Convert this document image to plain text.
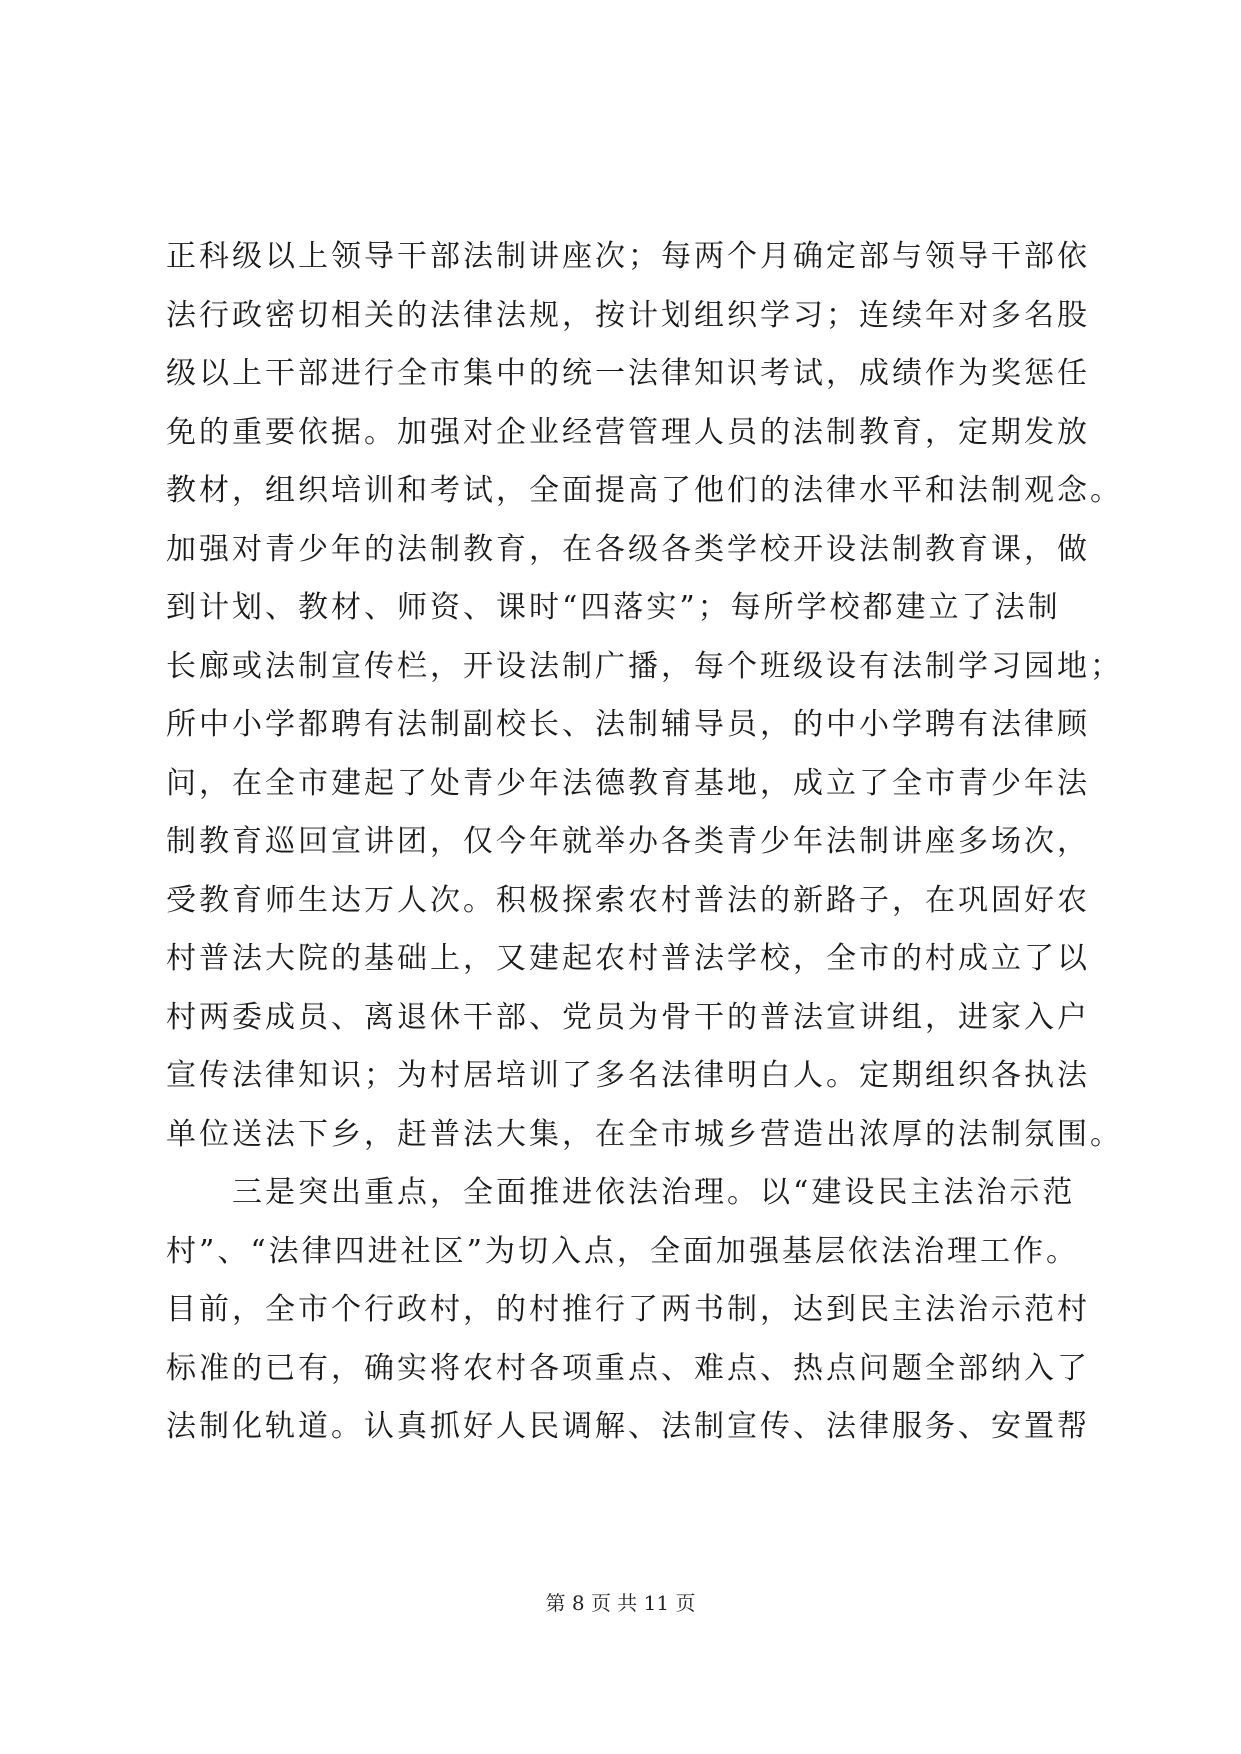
正科级以上领导干部法制讲座次；每两个月确定部与领导干部依
法行政密切相关的法律法规，按计划组织学习；连续年对多名股
级以上干部进行全市集中的统一法律知识考试，成绩作为奖惩任
免的重要依据。加强对企业经营管理人员的法制教育，定期发放
教材，组织培训和考试，全面提高了他们的法律水平和法制观念。
加强对青少年的法制教育，在各级各类学校开设法制教育课，做
到计划、教材、师资、课时“四落实”；每所学校都建立了法制
长廊或法制宣传栏，开设法制广播，每个班级设有法制学习园地；
所中小学都聘有法制副校长、法制辅导员，的中小学聘有法律顾
问，在全市建起了处青少年法德教育基地，成立了全市青少年法
制教育巡回宣讲团，仅今年就举办各类青少年法制讲座多场次，
受教育师生达万人次。积极探索农村普法的新路子，在巩固好农
村普法大院的基础上，又建起农村普法学校，全市的村成立了以
村两委成员、离退休干部、党员为骨干的普法宣讲组，进家入户
宣传法律知识；为村居培训了多名法律明白人。定期组织各执法
单位送法下乡，赶普法大集，在全市城乡营造出浓厚的法制氛围。
　　三是突出重点，全面推进依法治理。以“建设民主法治示范
村”、“法律四进社区”为切入点，全面加强基层依法治理工作。
目前，全市个行政村，的村推行了两书制，达到民主法治示范村
标准的已有，确实将农村各项重点、难点、热点问题全部纳入了
法制化轨道。认真抓好人民调解、法制宣传、法律服务、安置帮
第 8 页 共 11 页
